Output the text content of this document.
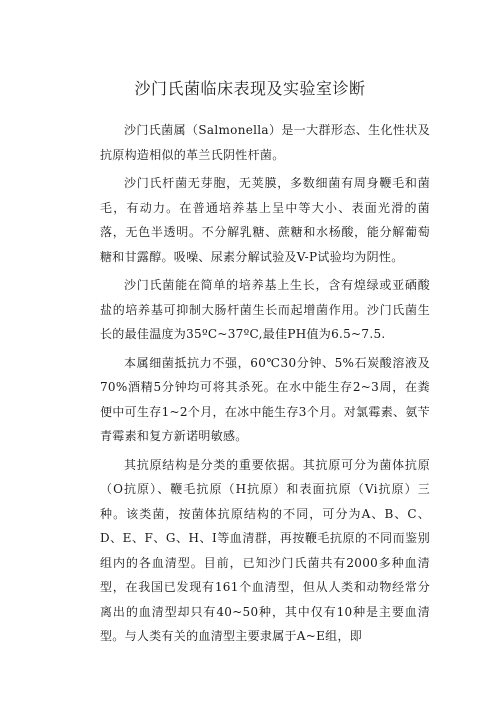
沙门氏菌临床表现及实验室诊断

沙门氏菌属（Salmonella）是一大群形态、生化性状及抗原构造相似的革兰氏阴性杆菌。

沙门氏杆菌无芽胞，无荚膜，多数细菌有周身鞭毛和菌毛，有动力。在普通培养基上呈中等大小、表面光滑的菌落，无色半透明。不分解乳糖、蔗糖和水杨酸，能分解葡萄糖和甘露醇。吸噪、尿素分解试验及V-P试验均为阴性。

沙门氏菌能在简单的培养基上生长，含有煌绿或亚硒酸盐的培养基可抑制大肠杆菌生长而起增菌作用。沙门氏菌生长的最佳温度为35ºC~37ºC,最佳PH值为6.5~7.5.

本属细菌抵抗力不强，60℃30分钟、5%石炭酸溶液及70%酒精5分钟均可将其杀死。在水中能生存2~3周，在粪便中可生存1~2个月，在冰中能生存3个月。对氯霉素、氨苄青霉素和复方新诺明敏感。

其抗原结构是分类的重要依据。其抗原可分为菌体抗原（O抗原）、鞭毛抗原（H抗原）和表面抗原（Vi抗原）三种。该类菌，按菌体抗原结构的不同，可分为A、B、C、D、E、F、G、H、I等血清群，再按鞭毛抗原的不同而鉴别组内的各血清型。目前，已知沙门氏菌共有2000多种血清型，在我国已发现有161个血清型，但从人类和动物经常分离出的血清型却只有40~50种，其中仅有10种是主要血清型。与人类有关的血清型主要隶属于A~E组，即
